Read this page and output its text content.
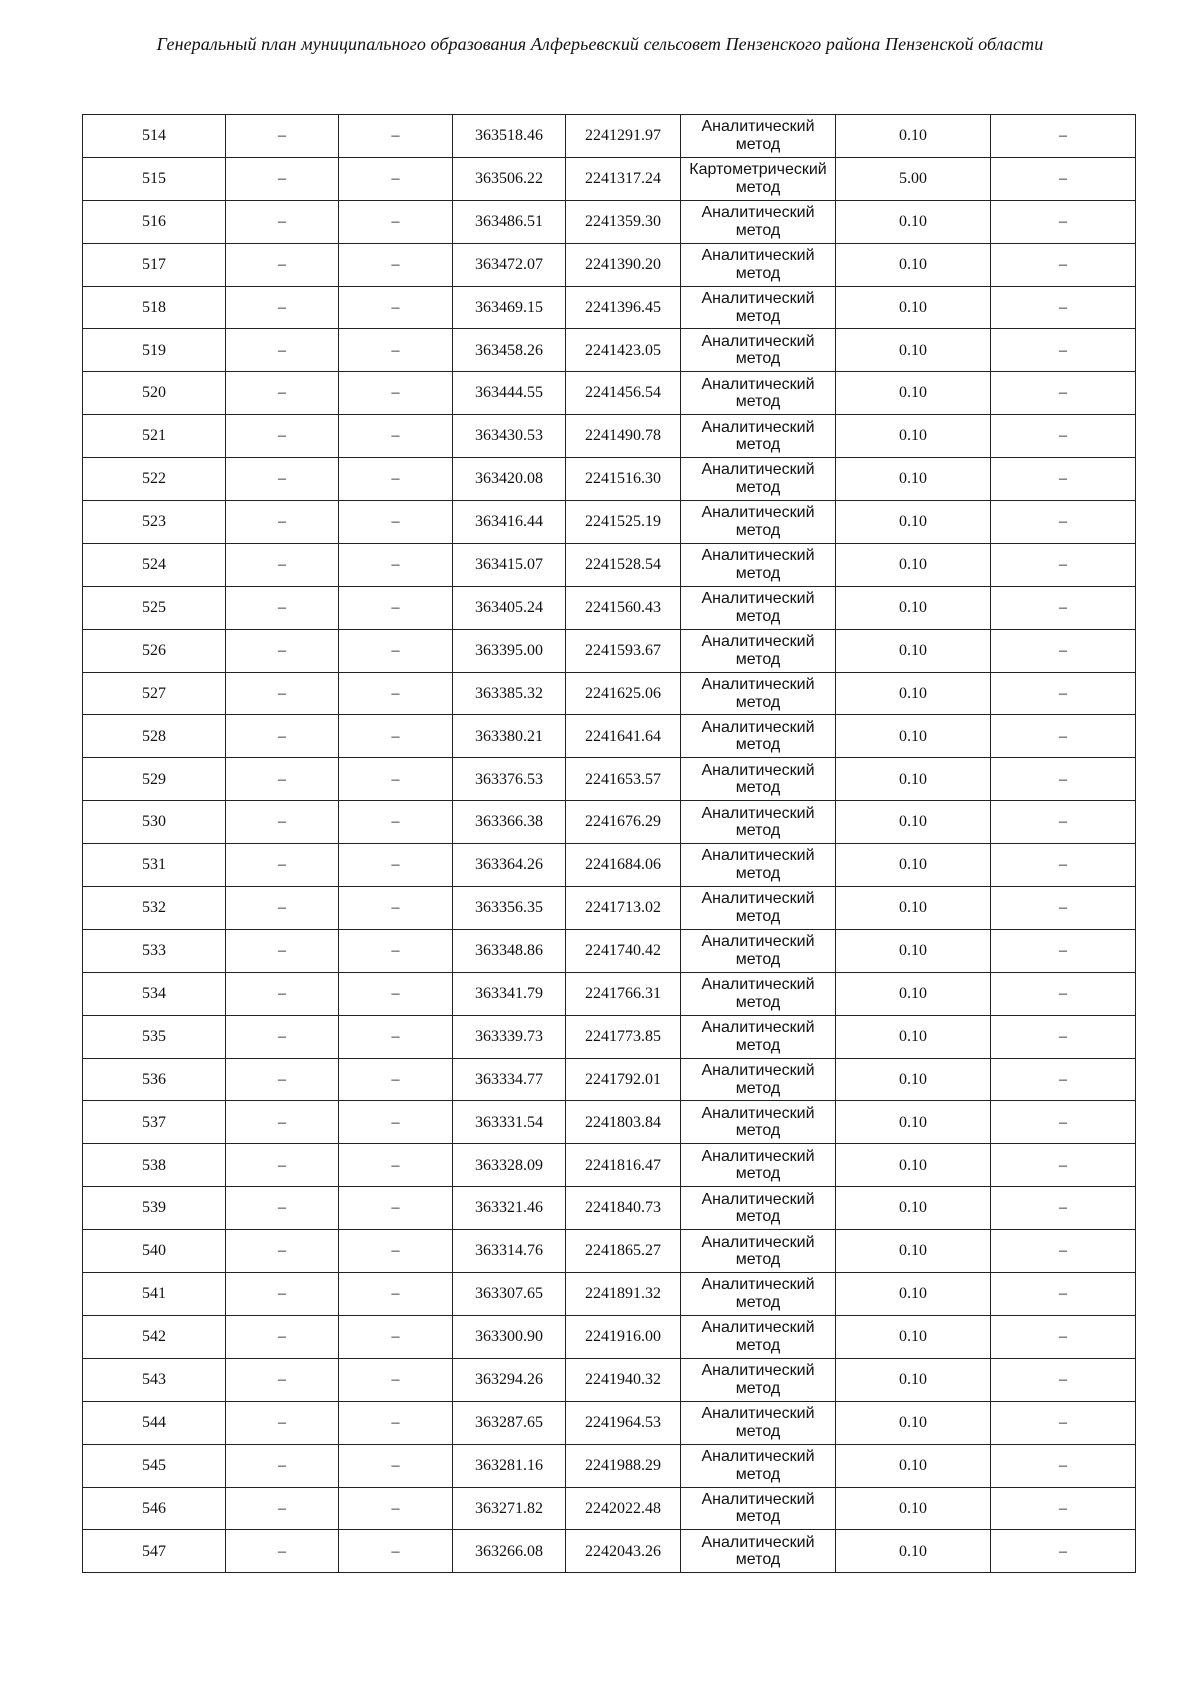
Генеральный план муниципального образования Алферьевский сельсовет Пензенского района Пензенской области
514	–	–	363518.46	2241291.97	Аналитический метод	0.10	–
515	–	–	363506.22	2241317.24	Картометрический метод	5.00	–
516	–	–	363486.51	2241359.30	Аналитический метод	0.10	–
517	–	–	363472.07	2241390.20	Аналитический метод	0.10	–
518	–	–	363469.15	2241396.45	Аналитический метод	0.10	–
519	–	–	363458.26	2241423.05	Аналитический метод	0.10	–
520	–	–	363444.55	2241456.54	Аналитический метод	0.10	–
521	–	–	363430.53	2241490.78	Аналитический метод	0.10	–
522	–	–	363420.08	2241516.30	Аналитический метод	0.10	–
523	–	–	363416.44	2241525.19	Аналитический метод	0.10	–
524	–	–	363415.07	2241528.54	Аналитический метод	0.10	–
525	–	–	363405.24	2241560.43	Аналитический метод	0.10	–
526	–	–	363395.00	2241593.67	Аналитический метод	0.10	–
527	–	–	363385.32	2241625.06	Аналитический метод	0.10	–
528	–	–	363380.21	2241641.64	Аналитический метод	0.10	–
529	–	–	363376.53	2241653.57	Аналитический метод	0.10	–
530	–	–	363366.38	2241676.29	Аналитический метод	0.10	–
531	–	–	363364.26	2241684.06	Аналитический метод	0.10	–
532	–	–	363356.35	2241713.02	Аналитический метод	0.10	–
533	–	–	363348.86	2241740.42	Аналитический метод	0.10	–
534	–	–	363341.79	2241766.31	Аналитический метод	0.10	–
535	–	–	363339.73	2241773.85	Аналитический метод	0.10	–
536	–	–	363334.77	2241792.01	Аналитический метод	0.10	–
537	–	–	363331.54	2241803.84	Аналитический метод	0.10	–
538	–	–	363328.09	2241816.47	Аналитический метод	0.10	–
539	–	–	363321.46	2241840.73	Аналитический метод	0.10	–
540	–	–	363314.76	2241865.27	Аналитический метод	0.10	–
541	–	–	363307.65	2241891.32	Аналитический метод	0.10	–
542	–	–	363300.90	2241916.00	Аналитический метод	0.10	–
543	–	–	363294.26	2241940.32	Аналитический метод	0.10	–
544	–	–	363287.65	2241964.53	Аналитический метод	0.10	–
545	–	–	363281.16	2241988.29	Аналитический метод	0.10	–
546	–	–	363271.82	2242022.48	Аналитический метод	0.10	–
547	–	–	363266.08	2242043.26	Аналитический метод	0.10	–
